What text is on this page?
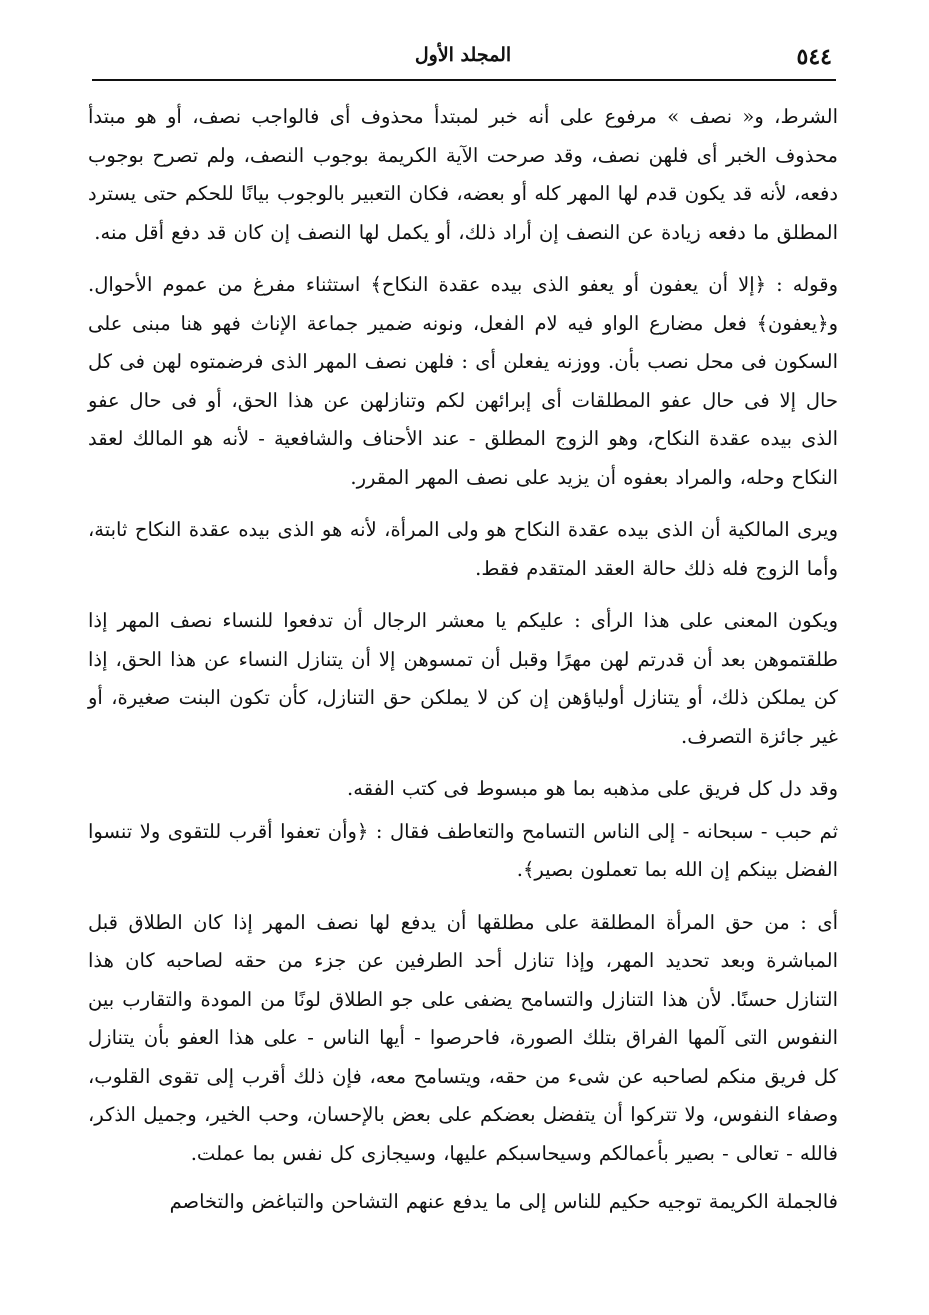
٥٤٤
المجلد الأول

الشرط، و« نصف » مرفوع على أنه خبر لمبتدأ محذوف أى فالواجب نصف، أو هو مبتدأ محذوف الخبر أى فلهن نصف، وقد صرحت الآية الكريمة بوجوب النصف، ولم تصرح بوجوب دفعه، لأنه قد يكون قدم لها المهر كله أو بعضه، فكان التعبير بالوجوب بيانًا للحكم حتى يسترد المطلق ما دفعه زيادة عن النصف إن أراد ذلك، أو يكمل لها النصف إن كان قد دفع أقل منه.

وقوله : ﴿إلا أن يعفون أو يعفو الذى بيده عقدة النكاح﴾ استثناء مفرغ من عموم الأحوال. و﴿يعفون﴾ فعل مضارع الواو فيه لام الفعل، ونونه ضمير جماعة الإناث فهو هنا مبنى على السكون فى محل نصب بأن. ووزنه يفعلن أى : فلهن نصف المهر الذى فرضمتوه لهن فى كل حال إلا فى حال عفو المطلقات أى إبرائهن لكم وتنازلهن عن هذا الحق، أو فى حال عفو الذى بيده عقدة النكاح، وهو الزوج المطلق - عند الأحناف والشافعية - لأنه هو المالك لعقد النكاح وحله، والمراد بعفوه أن يزيد على نصف المهر المقرر.

ويرى المالكية أن الذى بيده عقدة النكاح هو ولى المرأة، لأنه هو الذى بيده عقدة النكاح ثابتة، وأما الزوج فله ذلك حالة العقد المتقدم فقط.

ويكون المعنى على هذا الرأى : عليكم يا معشر الرجال أن تدفعوا للنساء نصف المهر إذا طلقتموهن بعد أن قدرتم لهن مهرًا وقبل أن تمسوهن إلا أن يتنازل النساء عن هذا الحق، إذا كن يملكن ذلك، أو يتنازل أولياؤهن إن كن لا يملكن حق التنازل، كأن تكون البنت صغيرة، أو غير جائزة التصرف.

وقد دل كل فريق على مذهبه بما هو مبسوط فى كتب الفقه.

ثم حبب - سبحانه - إلى الناس التسامح والتعاطف فقال : ﴿وأن تعفوا أقرب للتقوى ولا تنسوا الفضل بينكم إن الله بما تعملون بصير﴾.

أى : من حق المرأة المطلقة على مطلقها أن يدفع لها نصف المهر إذا كان الطلاق قبل المباشرة وبعد تحديد المهر، وإذا تنازل أحد الطرفين عن جزء من حقه لصاحبه كان هذا التنازل حسنًا. لأن هذا التنازل والتسامح يضفى على جو الطلاق لونًا من المودة والتقارب بين النفوس التى آلمها الفراق بتلك الصورة، فاحرصوا - أيها الناس - على هذا العفو بأن يتنازل كل فريق منكم لصاحبه عن شىء من حقه، ويتسامح معه، فإن ذلك أقرب إلى تقوى القلوب، وصفاء النفوس، ولا تتركوا أن يتفضل بعضكم على بعض بالإحسان، وحب الخير، وجميل الذكر، فالله - تعالى - بصير بأعمالكم وسيحاسبكم عليها، وسيجازى كل نفس بما عملت.

فالجملة الكريمة توجيه حكيم للناس إلى ما يدفع عنهم التشاحن والتباغض والتخاصم
